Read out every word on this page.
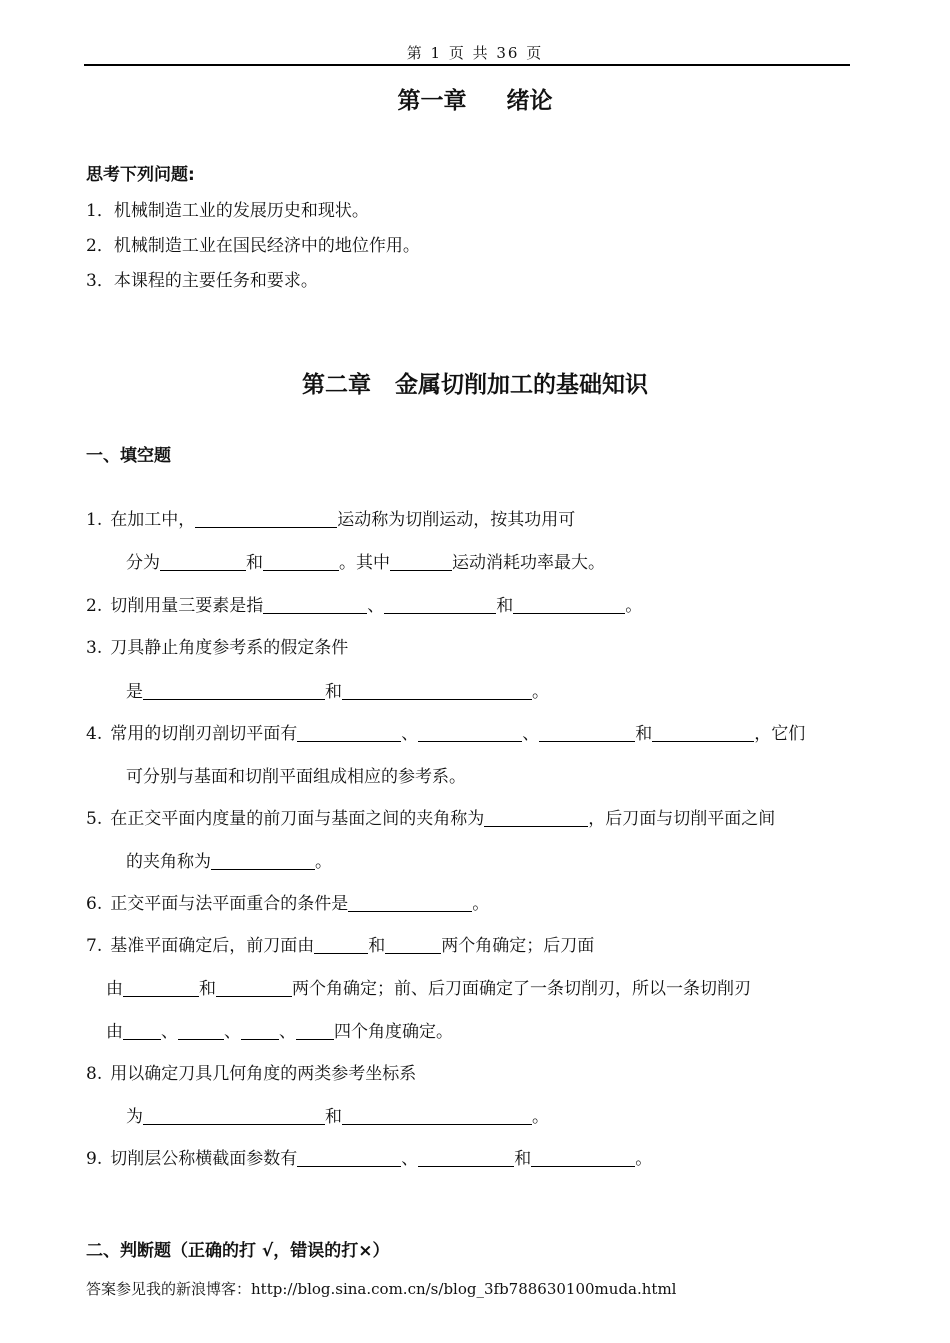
第 1 页 共 36 页
第一章 绪论
思考下列问题:
1．机械制造工业的发展历史和现状。
2．机械制造工业在国民经济中的地位作用。
3．本课程的主要任务和要求。
第二章 金属切削加工的基础知识
一、填空题
1. 在加工中，	运动称为切削运动，按其功用可
分为	和	。其中	运动消耗功率最大。
2. 切削用量三要素是指	、	和	。
3. 刀具静止角度参考系的假定条件
是	和	。
4. 常用的切削刃剖切平面有	、	、	和	，它们
可分别与基面和切削平面组成相应的参考系。
5. 在正交平面内度量的前刀面与基面之间的夹角称为	，后刀面与切削平面之间
的夹角称为	。
6. 正交平面与法平面重合的条件是	。
7. 基准平面确定后，前刀面由	和	两个角确定；后刀面
由	和	两个角确定；前、后刀面确定了一条切削刃，所以一条切削刃
由 、	、 、 四个角度确定。
8. 用以确定刀具几何角度的两类参考坐标系
为	和	。
9. 切削层公称横截面参数有	、	和	。
二、判断题（正确的打 √，错误的打×）
答案参见我的新浪博客：http://blog.sina.com.cn/s/blog_3fb788630100muda.html
